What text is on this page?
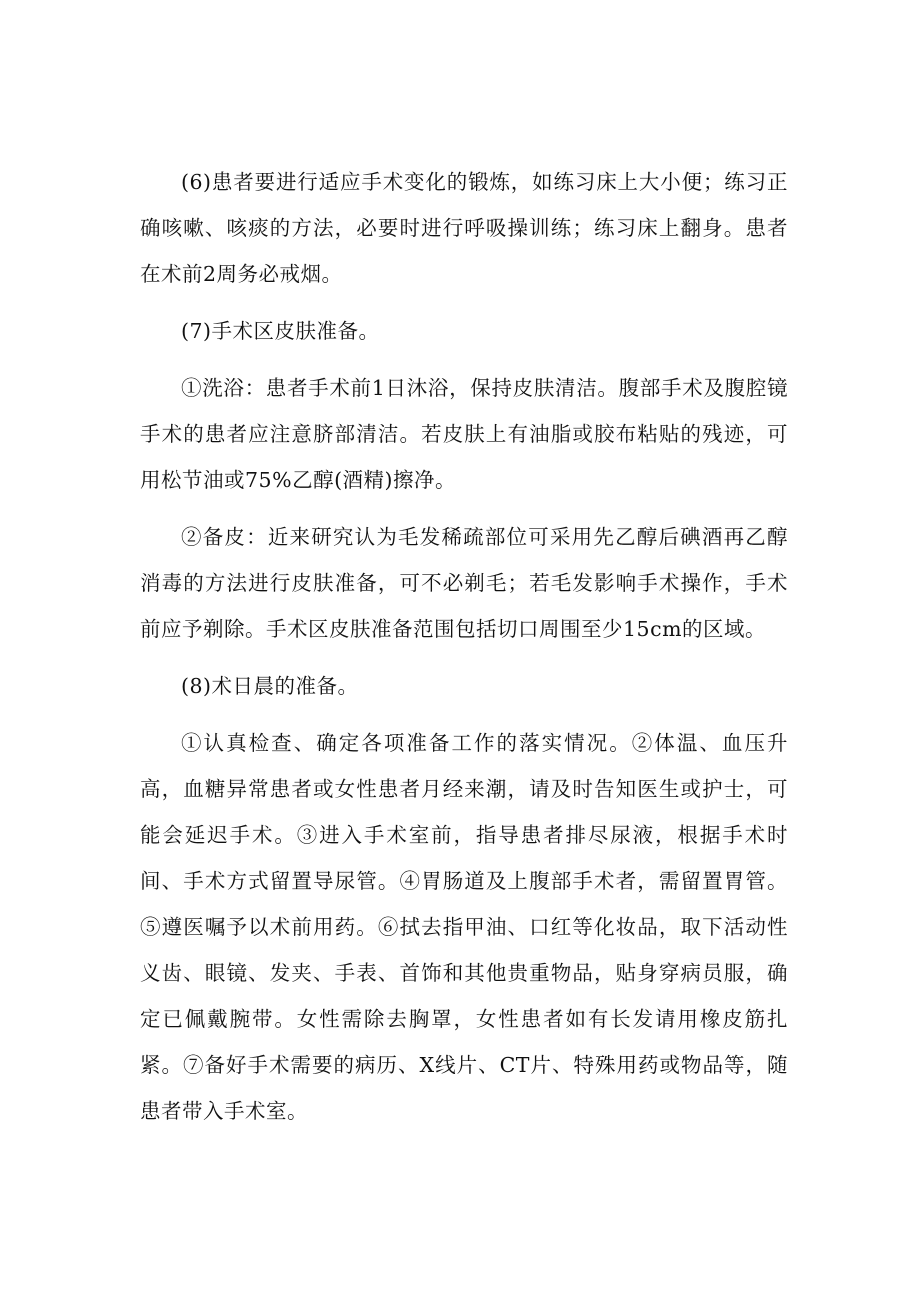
(6)患者要进行适应手术变化的锻炼，如练习床上大小便；练习正确咳嗽、咳痰的方法，必要时进行呼吸操训练；练习床上翻身。患者在术前2周务必戒烟。

(7)手术区皮肤准备。

①洗浴：患者手术前1日沐浴，保持皮肤清洁。腹部手术及腹腔镜手术的患者应注意脐部清洁。若皮肤上有油脂或胶布粘贴的残迹，可用松节油或75%乙醇(酒精)擦净。

②备皮：近来研究认为毛发稀疏部位可采用先乙醇后碘酒再乙醇消毒的方法进行皮肤准备，可不必剃毛；若毛发影响手术操作，手术前应予剃除。手术区皮肤准备范围包括切口周围至少15cm的区域。

(8)术日晨的准备。

①认真检查、确定各项准备工作的落实情况。②体温、血压升高，血糖异常患者或女性患者月经来潮，请及时告知医生或护士，可能会延迟手术。③进入手术室前，指导患者排尽尿液，根据手术时间、手术方式留置导尿管。④胃肠道及上腹部手术者，需留置胃管。⑤遵医嘱予以术前用药。⑥拭去指甲油、口红等化妆品，取下活动性义齿、眼镜、发夹、手表、首饰和其他贵重物品，贴身穿病员服，确定已佩戴腕带。女性需除去胸罩，女性患者如有长发请用橡皮筋扎紧。⑦备好手术需要的病历、X线片、CT片、特殊用药或物品等，随患者带入手术室。
